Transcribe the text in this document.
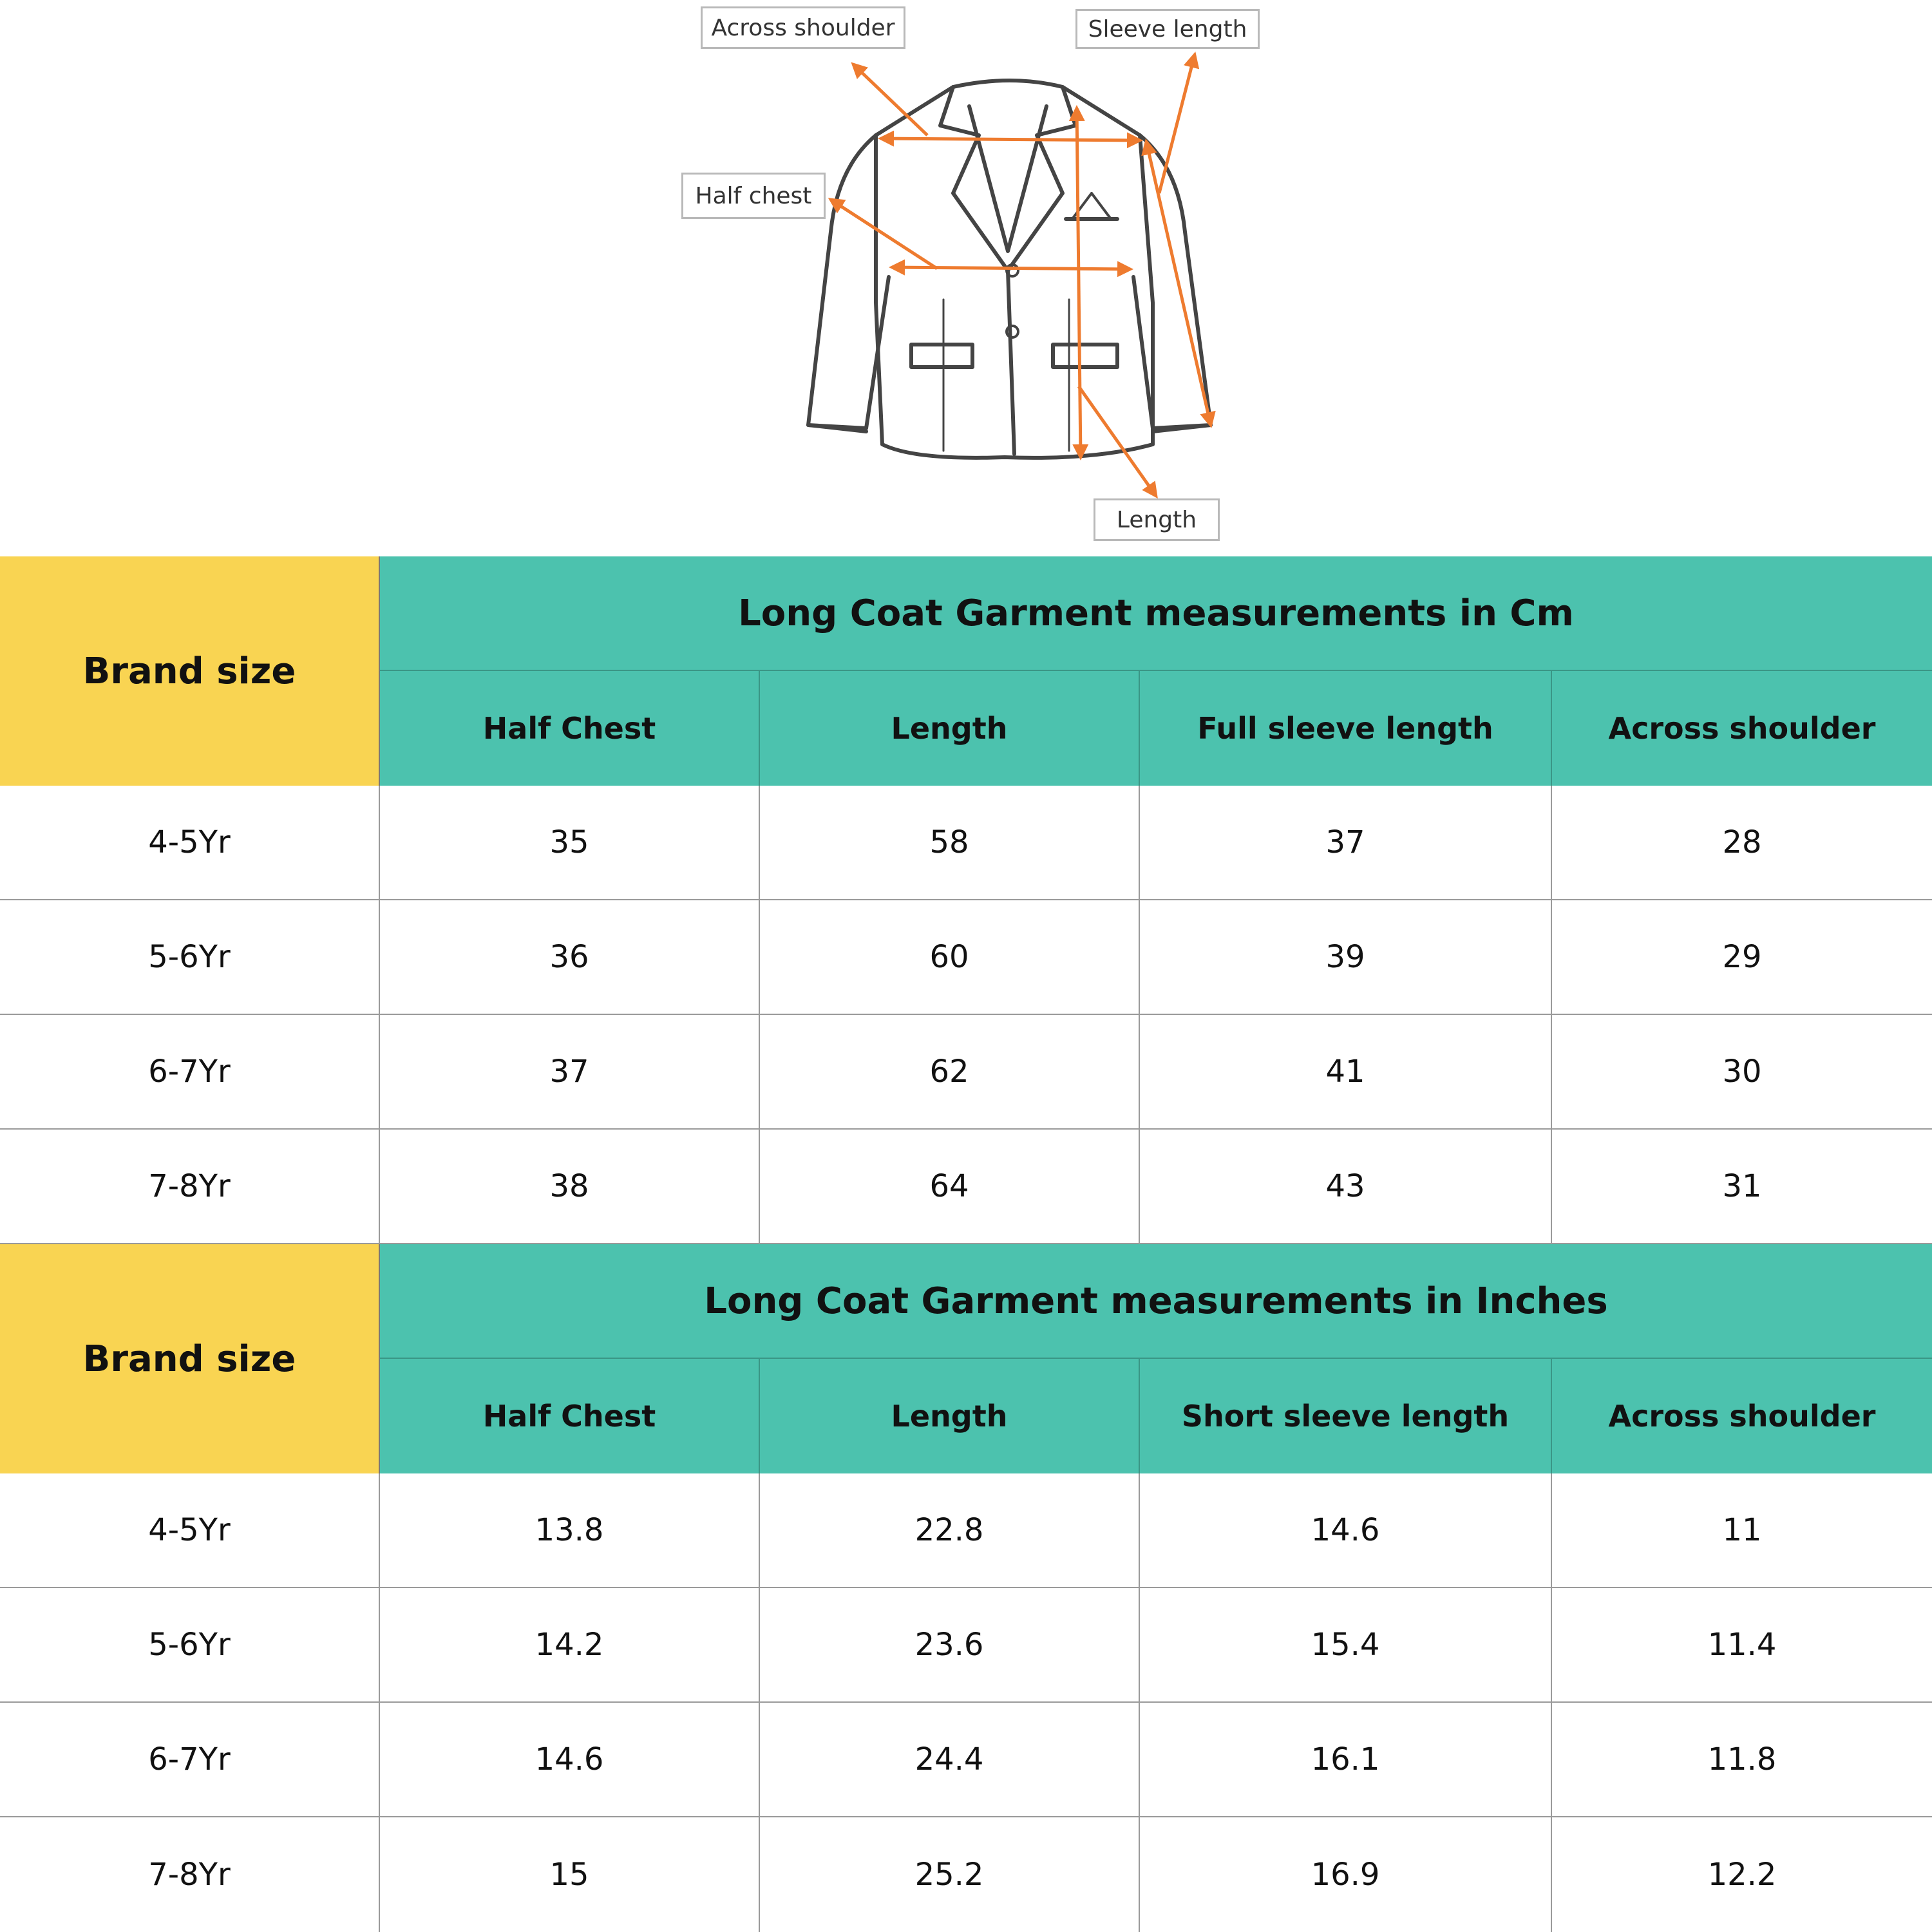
Across shoulder	Sleeve length
Half chest
Length
Brand size
Long Coat Garment measurements in Cm
Half Chest	Length	Full sleeve length	Across shoulder
4-5Yr	35	58	37	28
5-6Yr	36	60	39	29
6-7Yr	37	62	41	30
7-8Yr	38	64	43	31
Brand size
Long Coat Garment measurements in Inches
Half Chest	Length	Short sleeve length	Across shoulder
4-5Yr	13.8	22.8	14.6	11
5-6Yr	14.2	23.6	15.4	11.4
6-7Yr	14.6	24.4	16.1	11.8
7-8Yr	15	25.2	16.9	12.2
